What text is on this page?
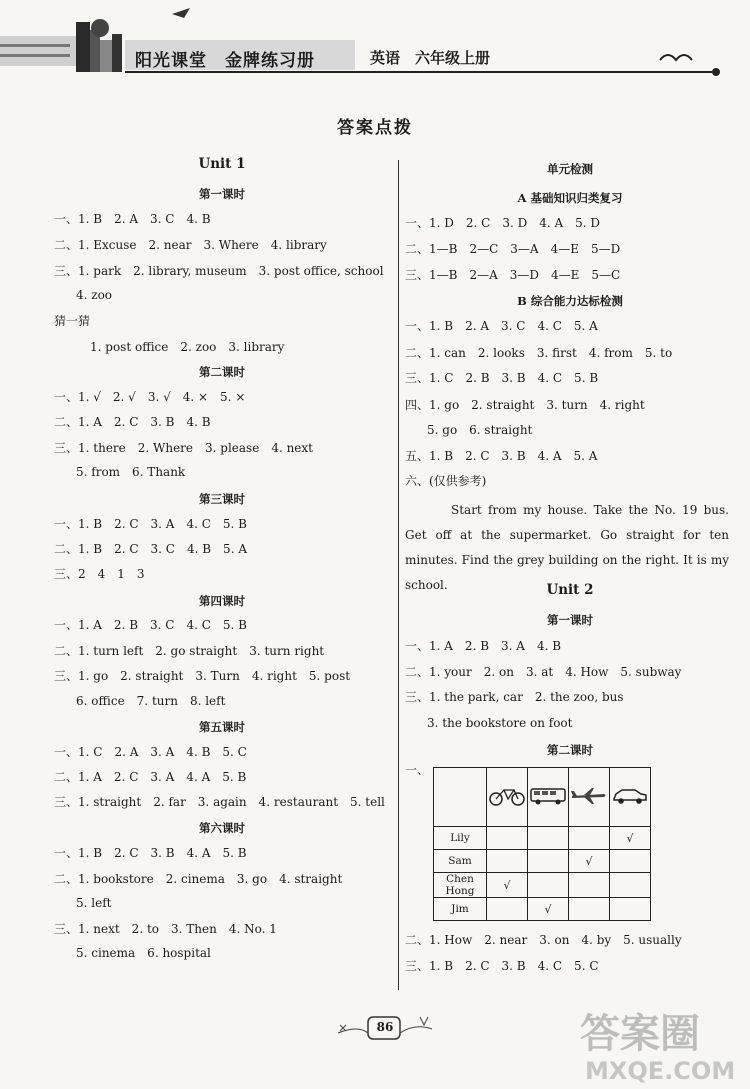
阳光课堂　金牌练习册	英语　六年级上册
答案点拨
Unit 1
第一课时
一、1. B　2. A　3. C　4. B
二、1. Excuse　2. near　3. Where　4. library
三、1. park　2. library, museum　3. post office, school
4. zoo
猜一猜
1. post office　2. zoo　3. library
第二课时
一、1. √　2. √　3. √　4. ×　5. ×
二、1. A　2. C　3. B　4. B
三、1. there　2. Where　3. please　4. next
5. from　6. Thank
第三课时
一、1. B　2. C　3. A　4. C　5. B
二、1. B　2. C　3. C　4. B　5. A
三、2　4　1　3
第四课时
一、1. A　2. B　3. C　4. C　5. B
二、1. turn left　2. go straight　3. turn right
三、1. go　2. straight　3. Turn　4. right　5. post
6. office　7. turn　8. left
第五课时
一、1. C　2. A　3. A　4. B　5. C
二、1. A　2. C　3. A　4. A　5. B
三、1. straight　2. far　3. again　4. restaurant　5. tell
第六课时
一、1. B　2. C　3. B　4. A　5. B
二、1. bookstore　2. cinema　3. go　4. straight
5. left
三、1. next　2. to　3. Then　4. No. 1
5. cinema　6. hospital
单元检测
A 基础知识归类复习
一、1. D　2. C　3. D　4. A　5. D
二、1—B　2—C　3—A　4—E　5—D
三、1—B　2—A　3—D　4—E　5—C
B 综合能力达标检测
一、1. B　2. A　3. C　4. C　5. A
二、1. can　2. looks　3. first　4. from　5. to
三、1. C　2. B　3. B　4. C　5. B
四、1. go　2. straight　3. turn　4. right
5. go　6. straight
五、1. B　2. C　3. B　4. A　5. A
六、(仅供参考)
Start from my house. Take the No. 19 bus. Get off at the supermarket. Go straight for ten minutes. Find the grey building on the right. It is my school.	Unit 2
第一课时
一、1. A　2. B　3. A　4. B
二、1. your　2. on　3. at　4. How　5. subway
三、1. the park, car　2. the zoo, bus
3. the bookstore on foot
第二课时
一、

Lily				√
Sam			√	
Chen Hong	√			
Jim		√		
二、1. How　2. near　3. on　4. by　5. usually
三、1. B　2. C　3. B　4. C　5. C
答案圈
MXQE.COM
86
